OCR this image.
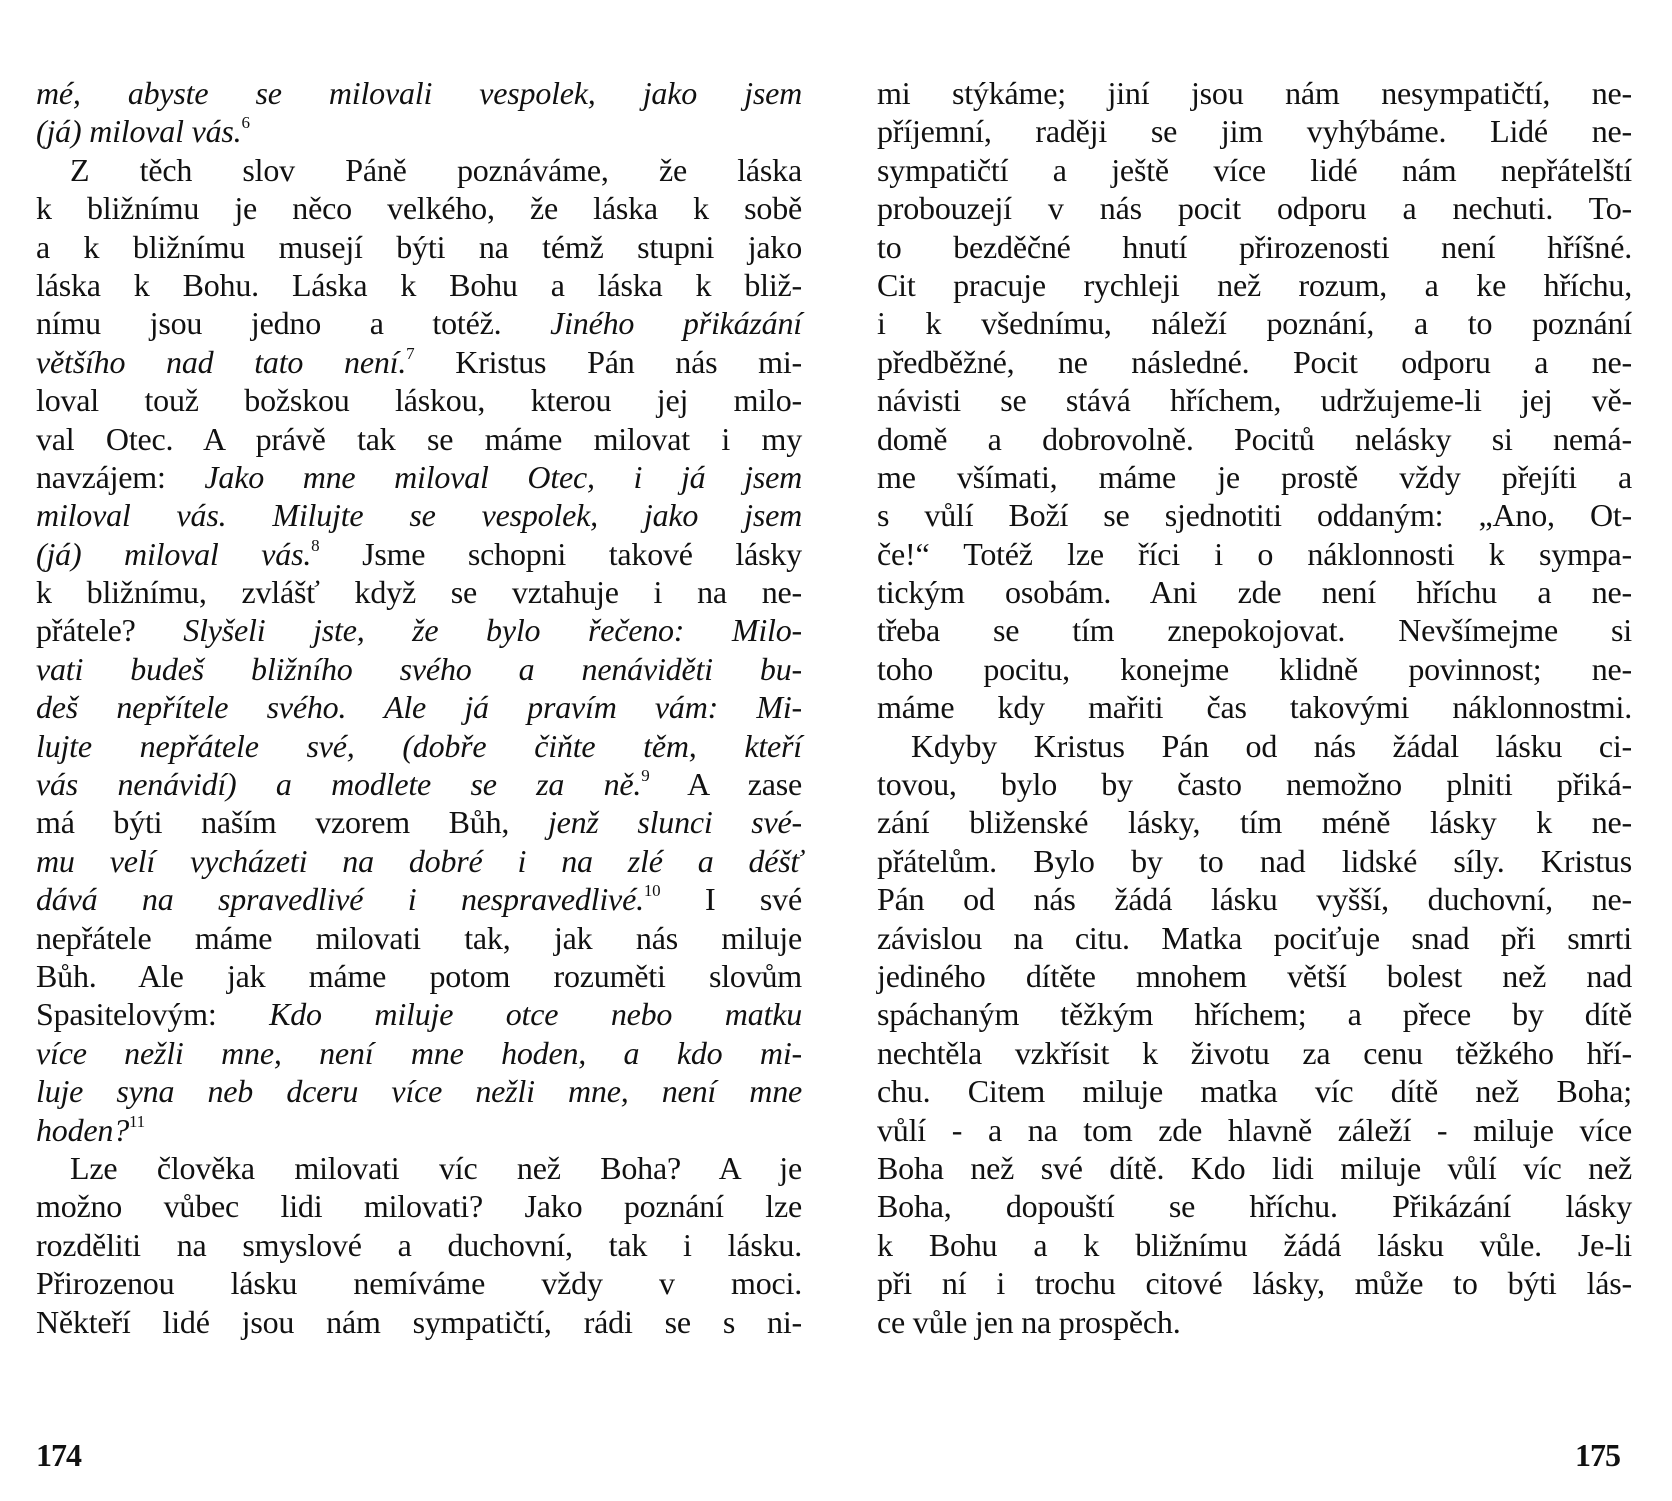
mé, abyste se milovali vespolek, jako jsem
(já) miloval vás.$^6$
Z těch slov Páně poznáváme, že láska
k bližnímu je něco velkého, že láska k sobě
a k bližnímu musejí býti na témž stupni jako
láska k Bohu. Láska k Bohu a láska k bliž-
nímu jsou jedno a totéž. Jiného přikázání
většího nad tato není.$^7$ Kristus Pán nás mi-
loval touž božskou láskou, kterou jej milo-
val Otec. A právě tak se máme milovat i my
navzájem: Jako mne miloval Otec, i já jsem
miloval vás. Milujte se vespolek, jako jsem
(já) miloval vás.$^8$ Jsme schopni takové lásky
k bližnímu, zvlášť když se vztahuje i na ne-
přátele? Slyšeli jste, že bylo řečeno: Milo-
vati budeš bližního svého a nenáviděti bu-
deš nepřítele svého. Ale já pravím vám: Mi-
lujte nepřátele své, (dobře čiňte těm, kteří
vás nenávidí) a modlete se za ně.$^9$ A zase
má býti naším vzorem Bůh, jenž slunci své-
mu velí vycházeti na dobré i na zlé a déšť
dává na spravedlivé i nespravedlivé.$^{10}$ I své
nepřátele máme milovati tak, jak nás miluje
Bůh. Ale jak máme potom rozuměti slovům
Spasitelovým: Kdo miluje otce nebo matku
více nežli mne, není mne hoden, a kdo mi-
luje syna neb dceru více nežli mne, není mne
hoden?$^{11}$
Lze člověka milovati víc než Boha? A je
možno vůbec lidi milovati? Jako poznání lze
rozděliti na smyslové a duchovní, tak i lásku.
Přirozenou lásku nemíváme vždy v moci.
Někteří lidé jsou nám sympatičtí, rádi se s ni-
mi stýkáme; jiní jsou nám nesympatičtí, ne-
příjemní, raději se jim vyhýbáme. Lidé ne-
sympatičtí a ještě více lidé nám nepřátelští
probouzejí v nás pocit odporu a nechuti. To-
to bezděčné hnutí přirozenosti není hříšné.
Cit pracuje rychleji než rozum, a ke hříchu,
i k všednímu, náleží poznání, a to poznání
předběžné, ne následné. Pocit odporu a ne-
návisti se stává hříchem, udržujeme-li jej vě-
domě a dobrovolně. Pocitů nelásky si nemá-
me všímati, máme je prostě vždy přejíti a
s vůlí Boží se sjednotiti oddaným: „Ano, Ot-
če!“ Totéž lze říci i o náklonnosti k sympa-
tickým osobám. Ani zde není hříchu a ne-
třeba se tím znepokojovat. Nevšímejme si
toho pocitu, konejme klidně povinnost; ne-
máme kdy mařiti čas takovými náklonnostmi.
Kdyby Kristus Pán od nás žádal lásku ci-
tovou, bylo by často nemožno plniti přiká-
zání bliženské lásky, tím méně lásky k ne-
přátelům. Bylo by to nad lidské síly. Kristus
Pán od nás žádá lásku vyšší, duchovní, ne-
závislou na citu. Matka pociťuje snad při smrti
jediného dítěte mnohem větší bolest než nad
spáchaným těžkým hříchem; a přece by dítě
nechtěla vzkřísit k životu za cenu těžkého hří-
chu. Citem miluje matka víc dítě než Boha;
vůlí - a na tom zde hlavně záleží - miluje více
Boha než své dítě. Kdo lidi miluje vůlí víc než
Boha, dopouští se hříchu. Přikázání lásky
k Bohu a k bližnímu žádá lásku vůle. Je-li
při ní i trochu citové lásky, může to býti lás-
ce vůle jen na prospěch.
174	175
